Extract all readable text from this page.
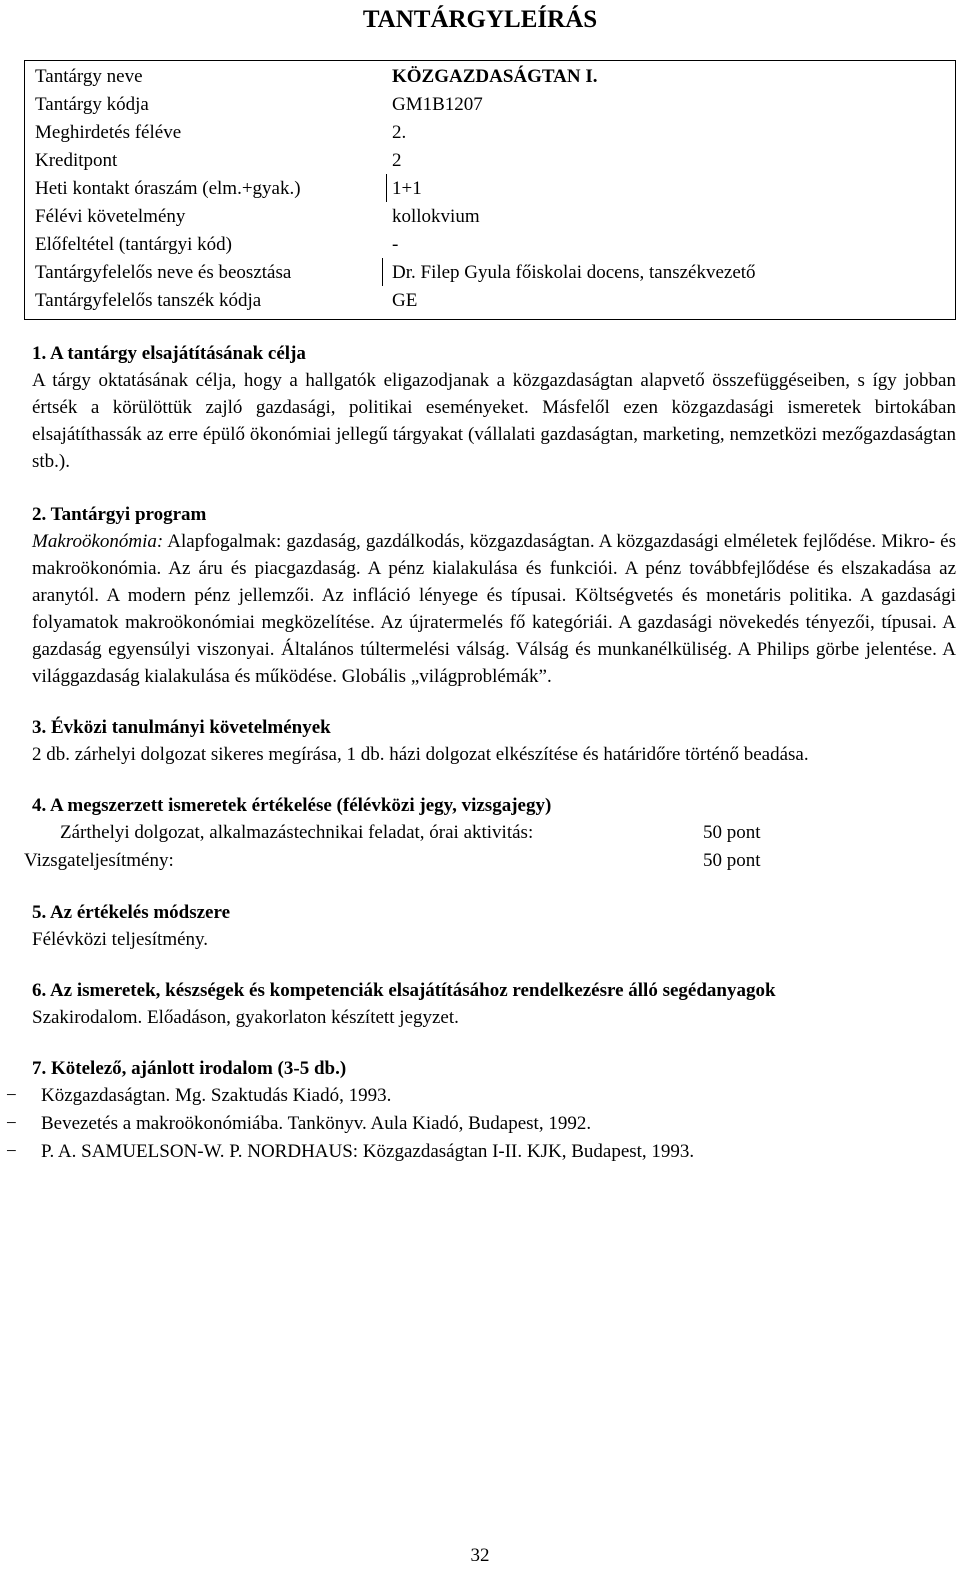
TANTÁRGYLEÍRÁS
Tantárgy neve	KÖZGAZDASÁGTAN I.
Tantárgy kódja	GM1B1207
Meghirdetés féléve	2.
Kreditpont	2
Heti kontakt óraszám (elm.+gyak.)	1+1
Félévi követelmény	kollokvium
Előfeltétel (tantárgyi kód)	-
Tantárgyfelelős neve és beosztása	Dr. Filep Gyula főiskolai docens, tanszékvezető
Tantárgyfelelős tanszék kódja	GE

1. A tantárgy elsajátításának célja

A tárgy oktatásának célja, hogy a hallgatók eligazodjanak a közgazdaságtan alapvető összefüggéseiben, s így jobban értsék a körülöttük zajló gazdasági, politikai eseményeket. Másfelől ezen közgazdasági ismeretek birtokában elsajátíthassák az erre épülő ökonómiai jellegű tárgyakat (vállalati gazdaságtan, marketing, nemzetközi mezőgazdaságtan stb.).

2. Tantárgyi program

Makroökonómia: Alapfogalmak: gazdaság, gazdálkodás, közgazdaságtan. A közgazdasági elméletek fejlődése. Mikro- és makroökonómia. Az áru és piacgazdaság. A pénz kialakulása és funkciói. A pénz továbbfejlődése és elszakadása az aranytól. A modern pénz jellemzői. Az infláció lényege és típusai. Költségvetés és monetáris politika. A gazdasági folyamatok makroökonómiai megközelítése. Az újratermelés fő kategóriái. A gazdasági növekedés tényezői, típusai. A gazdaság egyensúlyi viszonyai. Általános túltermelési válság. Válság és munkanélküliség. A Philips görbe jelentése. A világgazdaság kialakulása és működése. Globális „világproblémák”.

3. Évközi tanulmányi követelmények

2 db. zárhelyi dolgozat sikeres megírása, 1 db. házi dolgozat elkészítése és határidőre történő beadása.

4. A megszerzett ismeretek értékelése (félévközi jegy, vizsgajegy)

Zárthelyi dolgozat, alkalmazástechnikai feladat, órai aktivitás:	50 pont
Vizsgateljesítmény:	50 pont

5. Az értékelés módszere

Félévközi teljesítmény.

6. Az ismeretek, készségek és kompetenciák elsajátításához rendelkezésre álló segédanyagok

Szakirodalom. Előadáson, gyakorlaton készített jegyzet.

7. Kötelező, ajánlott irodalom (3-5 db.)

− Közgazdaságtan. Mg. Szaktudás Kiadó, 1993.
− Bevezetés a makroökonómiába. Tankönyv. Aula Kiadó, Budapest, 1992.
− P. A. SAMUELSON-W. P. NORDHAUS: Közgazdaságtan I-II. KJK, Budapest, 1993.
32
